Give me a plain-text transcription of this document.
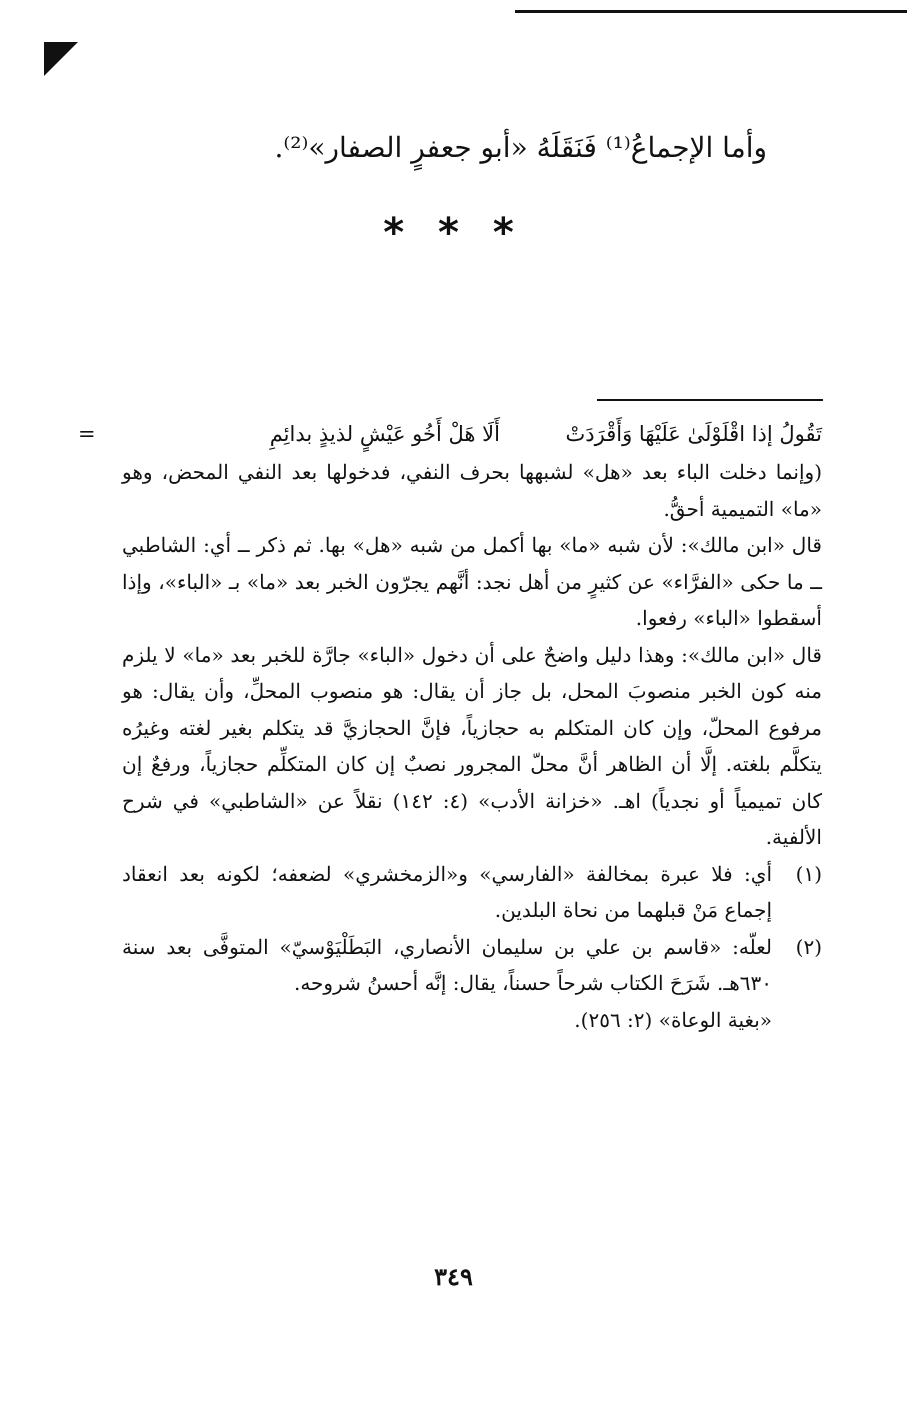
وأما الإجماعُ⁽¹⁾ فَنَقَلَهُ «أبو جعفرٍ الصفار»⁽²⁾.
* * *
تَقُولُ إذا اقْلَوْلَىٰ عَلَيْهَا وَأَقْرَدَتْ
أَلَا هَلْ أَخُو عَيْشٍ لذيذٍ بدائِمِ
=

(وإنما دخلت الباء بعد «هل» لشبهها بحرف النفي، فدخولها بعد النفي المحض، وهو «ما» التميمية أحقُّ.

قال «ابن مالك»: لأن شبه «ما» بها أكمل من شبه «هل» بها. ثم ذكر ــ أي: الشاطبي ــ ما حكى «الفرَّاء» عن كثيرٍ من أهل نجد: أنَّهم يجرّون الخبر بعد «ما» بـ «الباء»، وإذا أسقطوا «الباء» رفعوا.

قال «ابن مالك»: وهذا دليل واضحٌ على أن دخول «الباء» جارَّة للخبر بعد «ما» لا يلزم منه كون الخبر منصوبَ المحل، بل جاز أن يقال: هو منصوب المحلِّ، وأن يقال: هو مرفوع المحلّ، وإن كان المتكلم به حجازياً، فإنَّ الحجازيَّ قد يتكلم بغير لغته وغيرُه يتكلَّم بلغته. إلَّا أن الظاهر أنَّ محلّ المجرور نصبٌ إن كان المتكلِّم حجازياً، ورفعٌ إن كان تميمياً أو نجدياً) اهـ. «خزانة الأدب» (٤: ١٤٢) نقلاً عن «الشاطبي» في شرح الألفية.

(١)
أي: فلا عبرة بمخالفة «الفارسي» و«الزمخشري» لضعفه؛ لكونه بعد انعقاد إجماع مَنْ قبلهما من نحاة البلدين.
(٢)
لعلّه: «قاسم بن علي بن سليمان الأنصاري، البَطَلْيَوْسيّ» المتوفَّى بعد سنة ٦٣٠هـ. شَرَحَ الكتاب شرحاً حسناً، يقال: إنَّه أحسنُ شروحه.
«بغية الوعاة» (٢: ٢٥٦).
٣٤٩
